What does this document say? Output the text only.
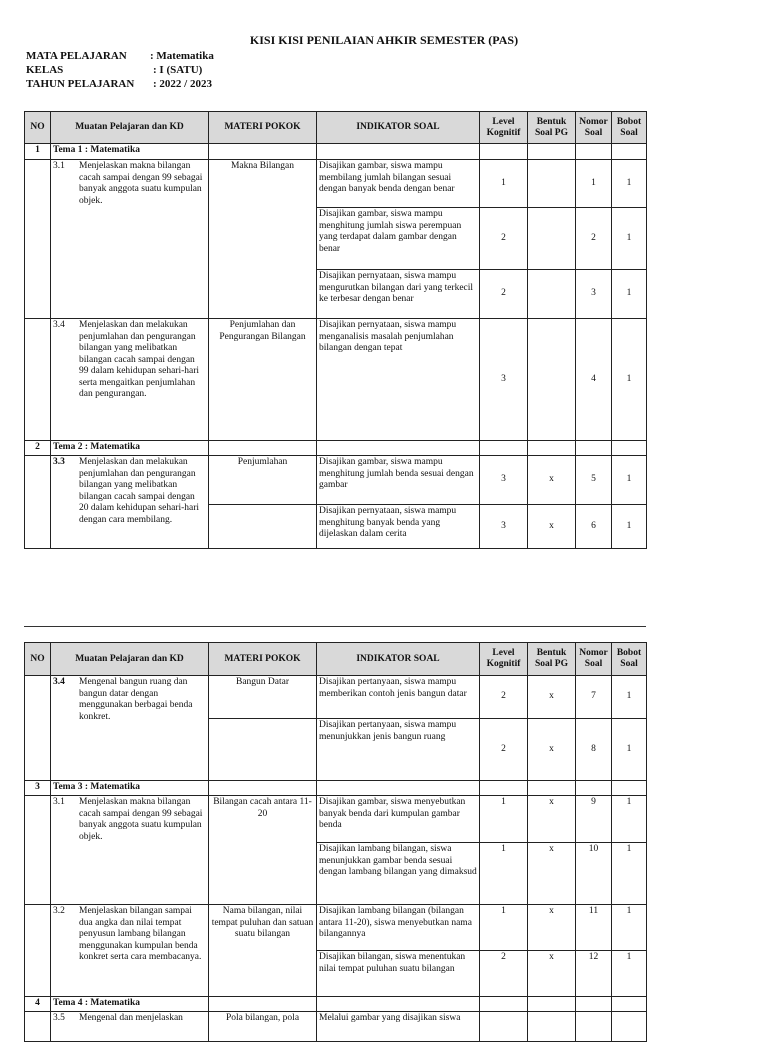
KISI KISI PENILAIAN AHKIR SEMESTER (PAS)
MATA PELAJARAN : Matematika
KELAS	: I (SATU)
TAHUN PELAJARAN : 2022 / 2023
NO	Muatan Pelajaran dan KD	MATERI POKOK	INDIKATOR SOAL	Level Kognitif	Bentuk Soal PG	Nomor Soal	Bobot Soal
1	Tema 1 : Matematika						

	3.1 Menjelaskan makna bilangan cacah sampai dengan 99 sebagai banyak anggota suatu kumpulan objek.	Makna Bilangan	Disajikan gambar, siswa mampu membilang jumlah bilangan sesuai dengan banyak benda dengan benar	1		1	1
			Disajikan gambar, siswa mampu menghitung jumlah siswa perempuan yang terdapat dalam gambar dengan benar	2		2	1
			Disajikan pernyataan, siswa mampu mengurutkan bilangan dari yang terkecil ke terbesar dengan benar	2		3	1

	3.4 Menjelaskan dan melakukan penjumlahan dan pengurangan bilangan yang melibatkan bilangan cacah sampai dengan 99 dalam kehidupan sehari-hari serta mengaitkan penjumlahan dan pengurangan.	Penjumlahan dan Pengurangan Bilangan	Disajikan pernyataan, siswa mampu menganalisis masalah penjumlahan bilangan dengan tepat	3		4	1
2	Tema 2 : Matematika						

	3.3 Menjelaskan dan melakukan penjumlahan dan pengurangan bilangan yang melibatkan bilangan cacah sampai dengan 20 dalam kehidupan sehari-hari dengan cara membilang.	Penjumlahan	Disajikan gambar, siswa mampu menghitung jumlah benda sesuai dengan gambar	3	x	5	1
			Disajikan pernyataan, siswa mampu menghitung banyak benda yang dijelaskan dalam cerita	3	x	6	1
NO	Muatan Pelajaran dan KD	MATERI POKOK	INDIKATOR SOAL	Level Kognitif	Bentuk Soal PG	Nomor Soal	Bobot Soal

	3.4 Mengenal bangun ruang dan bangun datar dengan menggunakan berbagai benda konkret.	Bangun Datar	Disajikan pertanyaan, siswa mampu memberikan contoh jenis bangun datar	2	x	7	1
			Disajikan pertanyaan, siswa mampu menunjukkan jenis bangun ruang	2	x	8	1
3	Tema 3 : Matematika						

	3.1 Menjelaskan makna bilangan cacah sampai dengan 99 sebagai banyak anggota suatu kumpulan objek.	Bilangan cacah antara 11-20	Disajikan gambar, siswa menyebutkan banyak benda dari kumpulan gambar benda	1	x	9	1
			Disajikan lambang bilangan, siswa menunjukkan gambar benda sesuai dengan lambang bilangan yang dimaksud	1	x	10	1

	3.2 Menjelaskan bilangan sampai dua angka dan nilai tempat penyusun lambang bilangan menggunakan kumpulan benda konkret serta cara membacanya.	Nama bilangan, nilai tempat puluhan dan satuan suatu bilangan	Disajikan lambang bilangan (bilangan antara 11-20), siswa menyebutkan nama bilangannya	1	x	11	1
			Disajikan bilangan, siswa menentukan nilai tempat puluhan suatu bilangan	2	x	12	1
4	Tema 4 : Matematika						

	3.5 Mengenal dan menjelaskan	Pola bilangan, pola	Melalui gambar yang disajikan siswa				
